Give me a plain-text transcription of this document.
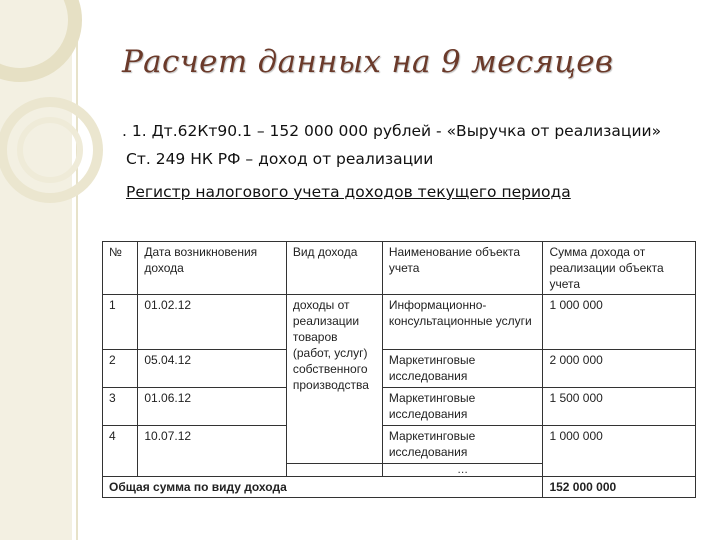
Расчет данных на 9 месяцев
. 1. Дт.62Кт90.1 – 152 000 000 рублей - «Выручка от реализации»
Ст. 249 НК РФ – доход от реализации
Регистр налогового учета доходов текущего периода
№	Дата возникновения дохода	Вид дохода	Наименование объекта учета	Сумма дохода от реализации объекта учета
1	01.02.12	доходы от реализации товаров (работ, услуг) собственного производства	Информационно-консультационные услуги	1 000 000
2	05.04.12		Маркетинговые исследования	2 000 000
3	01.06.12		Маркетинговые исследования	1 500 000
4	10.07.12		Маркетинговые исследования	1 000 000
			…	
Общая сумма по виду дохода				152 000 000
